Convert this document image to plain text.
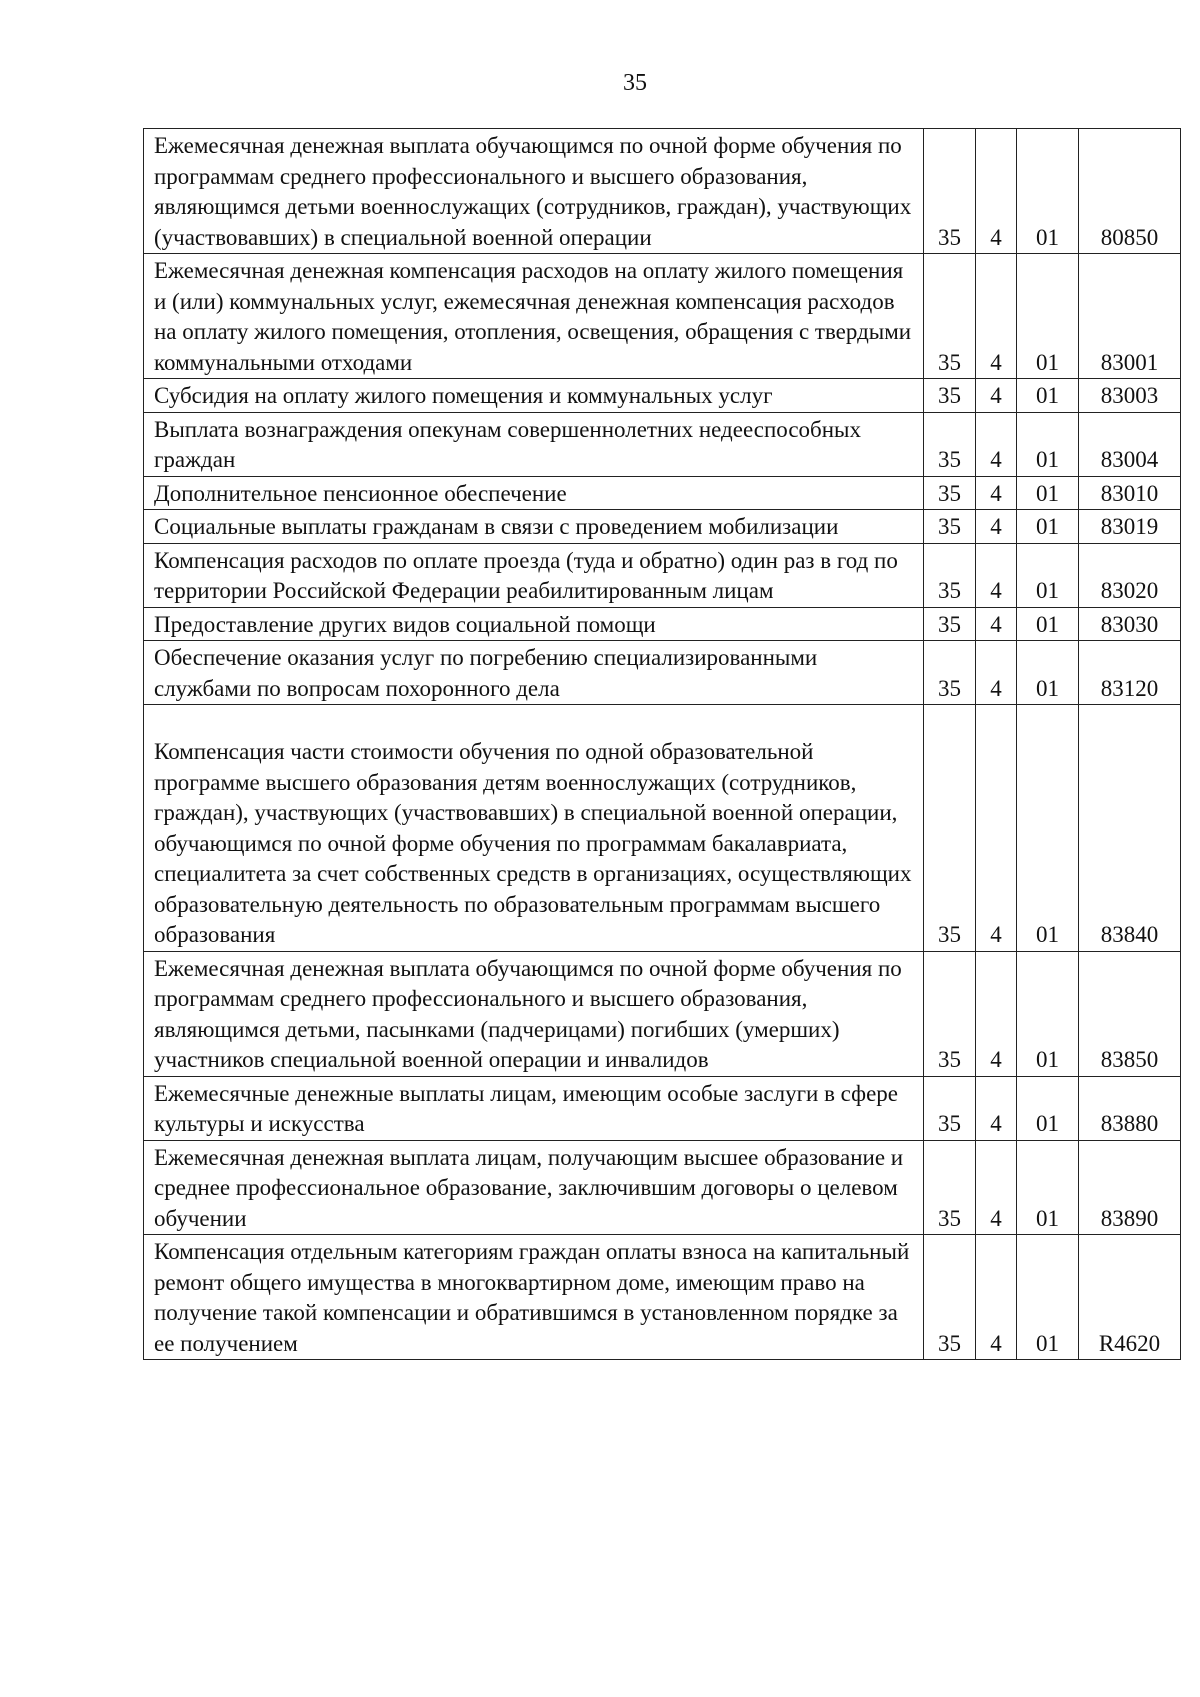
35
Ежемесячная денежная выплата обучающимся по очной форме обучения по программам среднего профессионального и высшего образования, являющимся детьми военнослужащих (сотрудников, граждан), участвующих (участвовавших) в специальной военной операции	35	4	01	80850
Ежемесячная денежная компенсация расходов на оплату жилого помещения и (или) коммунальных услуг, ежемесячная денежная компенсация расходов на оплату жилого помещения, отопления, освещения, обращения с твердыми коммунальными отходами	35	4	01	83001
Субсидия на оплату жилого помещения и коммунальных услуг	35	4	01	83003
Выплата вознаграждения опекунам совершеннолетних недееспособных граждан	35	4	01	83004
Дополнительное пенсионное обеспечение	35	4	01	83010
Социальные выплаты гражданам в связи с проведением мобилизации	35	4	01	83019
Компенсация расходов по оплате проезда (туда и обратно) один раз в год по территории Российской Федерации реабилитированным лицам	35	4	01	83020
Предоставление других видов социальной помощи	35	4	01	83030
Обеспечение оказания услуг по погребению специализированными службами по вопросам похоронного дела	35	4	01	83120

Компенсация части стоимости обучения по одной образовательной программе высшего образования детям военнослужащих (сотрудников, граждан), участвующих (участвовавших) в специальной военной операции, обучающимся по очной форме обучения по программам бакалавриата, специалитета за счет собственных средств в организациях, осуществляющих образовательную деятельность по образовательным программам высшего образования	35	4	01	83840
Ежемесячная денежная выплата обучающимся по очной форме обучения по программам среднего профессионального и высшего образования, являющимся детьми, пасынками (падчерицами) погибших (умерших) участников специальной военной операции и инвалидов	35	4	01	83850
Ежемесячные денежные выплаты лицам, имеющим особые заслуги в сфере культуры и искусства	35	4	01	83880
Ежемесячная денежная выплата лицам, получающим высшее образование и среднее профессиональное образование, заключившим договоры о целевом обучении	35	4	01	83890
Компенсация отдельным категориям граждан оплаты взноса на капитальный ремонт общего имущества в многоквартирном доме, имеющим право на получение такой компенсации и обратившимся в установленном порядке за ее получением	35	4	01	R4620
